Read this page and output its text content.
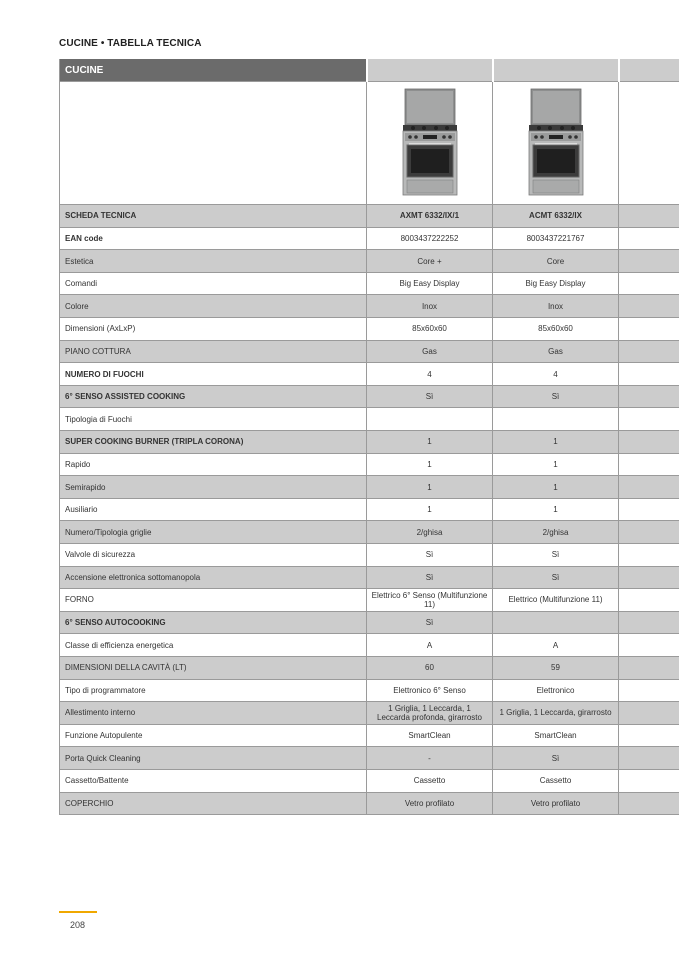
CUCINE • TABELLA TECNICA
CUCINE			

SCHEDA TECNICA	AXMT 6332/IX/1	ACMT 6332/IX	
EAN code	8003437222252	8003437221767	
Estetica	Core +	Core	
Comandi	Big Easy Display	Big Easy Display	
Colore	Inox	Inox	
Dimensioni (AxLxP)	85x60x60	85x60x60	
PIANO COTTURA	Gas	Gas	
NUMERO DI FUOCHI	4	4	
6° SENSO ASSISTED COOKING	Sì	Sì	
Tipologia di Fuochi			
SUPER COOKING BURNER (TRIPLA CORONA)	1	1	
Rapido	1	1	
Semirapido	1	1	
Ausiliario	1	1	
Numero/Tipologia griglie	2/ghisa	2/ghisa	
Valvole di sicurezza	Sì	Sì	
Accensione elettronica sottomanopola	Sì	Sì	
FORNO	Elettrico 6° Senso (Multifunzione 11)	Elettrico (Multifunzione 11)	
6° SENSO AUTOCOOKING	Sì		
Classe di efficienza energetica	A	A	
DIMENSIONI DELLA CAVITÀ (LT)	60	59	
Tipo di programmatore	Elettronico 6° Senso	Elettronico	
Allestimento interno	1 Griglia, 1 Leccarda, 1 Leccarda profonda, girarrosto	1 Griglia, 1 Leccarda, girarrosto	
Funzione Autopulente	SmartClean	SmartClean	
Porta Quick Cleaning	-	Sì	
Cassetto/Battente	Cassetto	Cassetto	
COPERCHIO	Vetro profilato	Vetro profilato	
208
